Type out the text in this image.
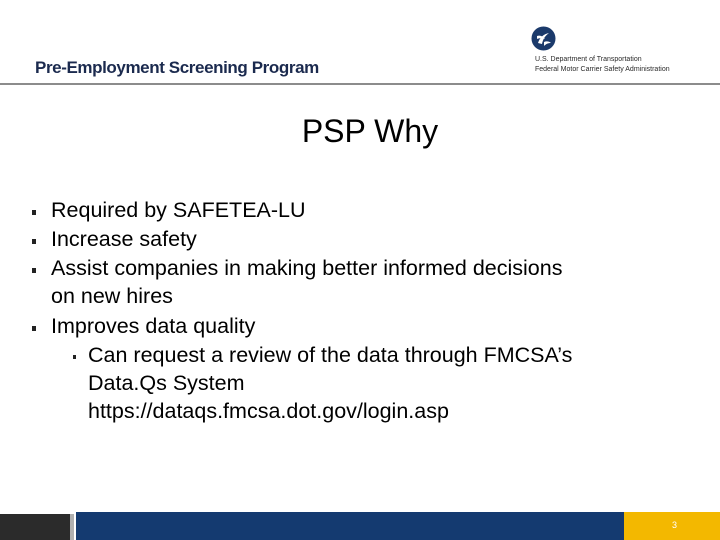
Pre-Employment Screening Program	U.S. Department of Transportation
Federal Motor Carrier Safety Administration
PSP Why
Required by SAFETEA-LU
Increase safety
Assist companies in making better informed decisions
on new hires
Improves data quality
Can request a review of the data through FMCSA’s
Data.Qs System
https://dataqs.fmcsa.dot.gov/login.asp
3
